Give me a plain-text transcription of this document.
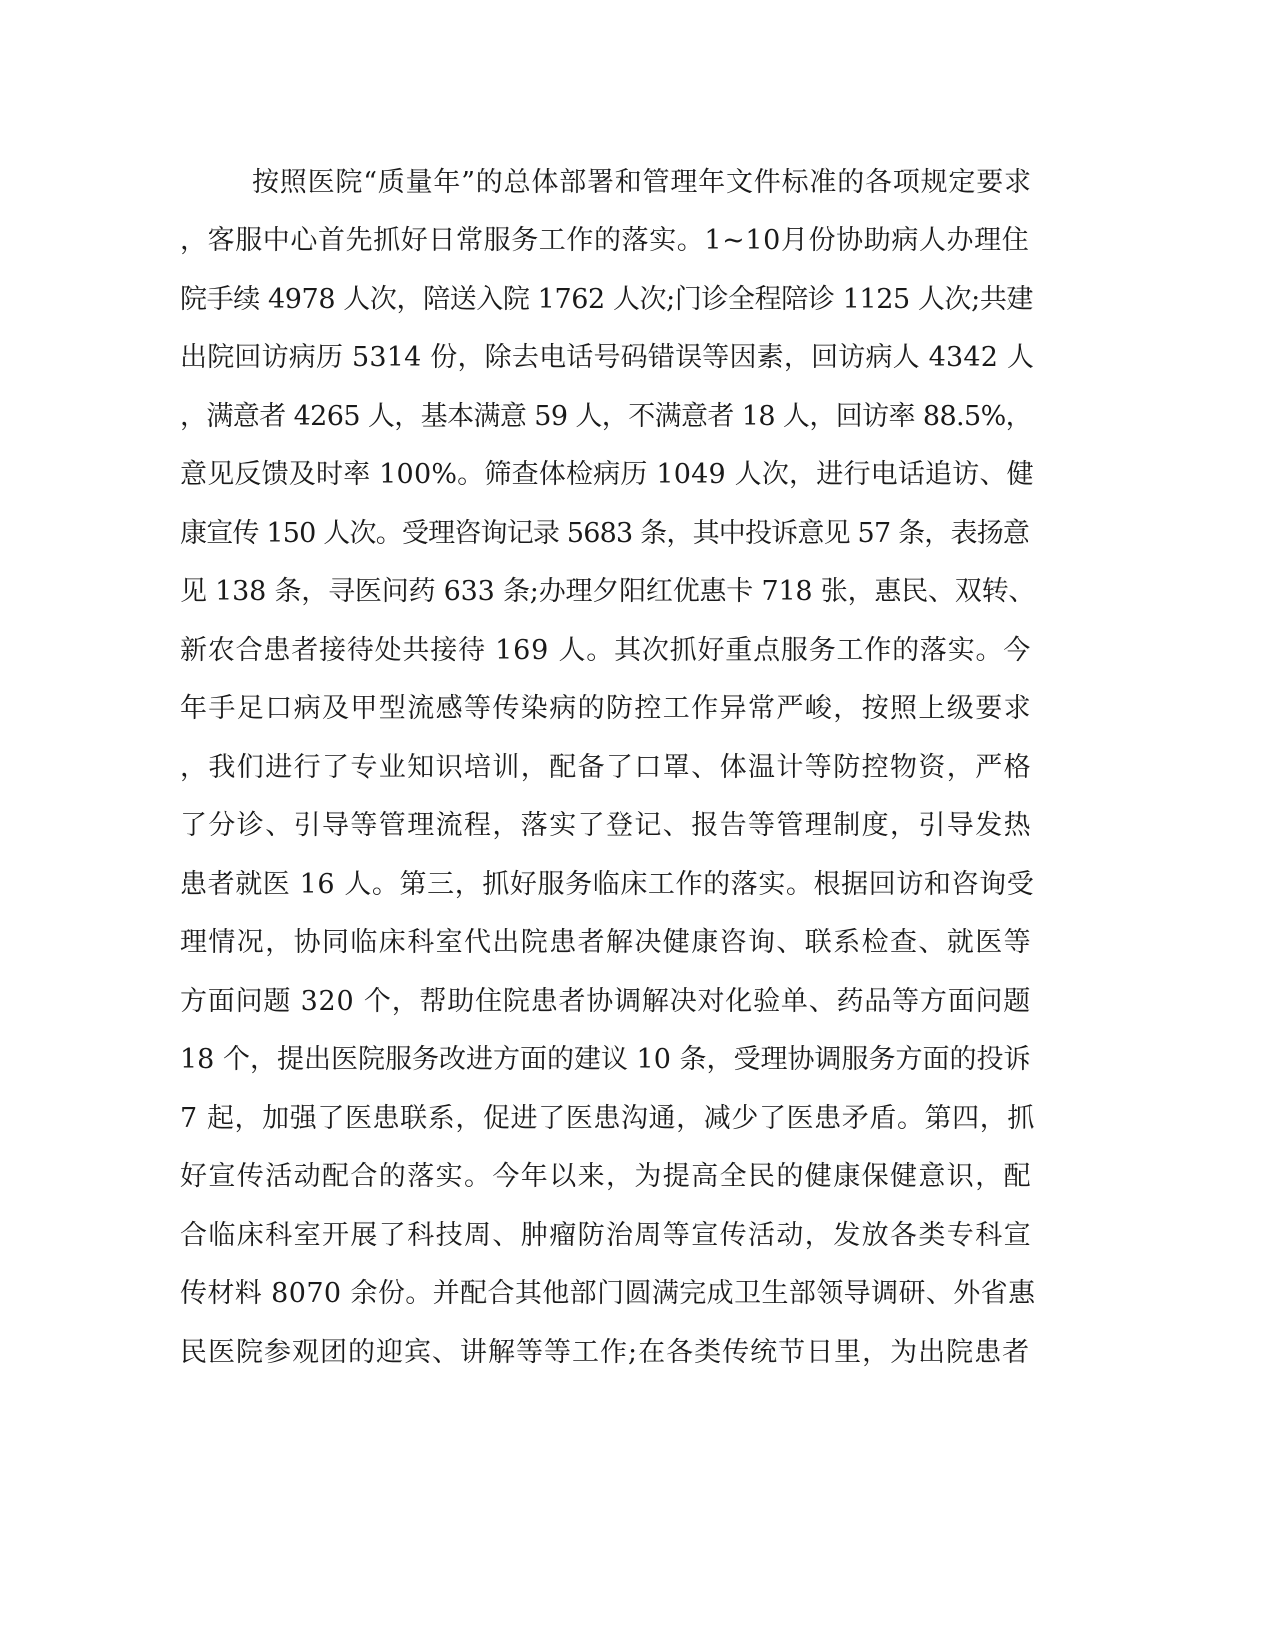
按照医院“质量年”的总体部署和管理年文件标准的各项规定要求
，客服中心首先抓好日常服务工作的落实。1~10月份协助病人办理住
院手续 4978 人次，陪送入院 1762 人次;门诊全程陪诊 1125 人次;共建
出院回访病历 5314 份，除去电话号码错误等因素，回访病人 4342 人
，满意者 4265 人，基本满意 59 人，不满意者 18 人，回访率 88.5%，
意见反馈及时率 100%。筛查体检病历 1049 人次，进行电话追访、健
康宣传 150 人次。受理咨询记录 5683 条，其中投诉意见 57 条，表扬意
见 138 条，寻医问药 633 条;办理夕阳红优惠卡 718 张，惠民、双转、
新农合患者接待处共接待 169 人。其次抓好重点服务工作的落实。今
年手足口病及甲型流感等传染病的防控工作异常严峻，按照上级要求
，我们进行了专业知识培训，配备了口罩、体温计等防控物资，严格
了分诊、引导等管理流程，落实了登记、报告等管理制度，引导发热
患者就医 16 人。第三，抓好服务临床工作的落实。根据回访和咨询受
理情况，协同临床科室代出院患者解决健康咨询、联系检查、就医等
方面问题 320 个，帮助住院患者协调解决对化验单、药品等方面问题
18 个，提出医院服务改进方面的建议 10 条，受理协调服务方面的投诉
7 起，加强了医患联系，促进了医患沟通，减少了医患矛盾。第四，抓
好宣传活动配合的落实。今年以来，为提高全民的健康保健意识，配
合临床科室开展了科技周、肿瘤防治周等宣传活动，发放各类专科宣
传材料 8070 余份。并配合其他部门圆满完成卫生部领导调研、外省惠
民医院参观团的迎宾、讲解等等工作;在各类传统节日里，为出院患者
